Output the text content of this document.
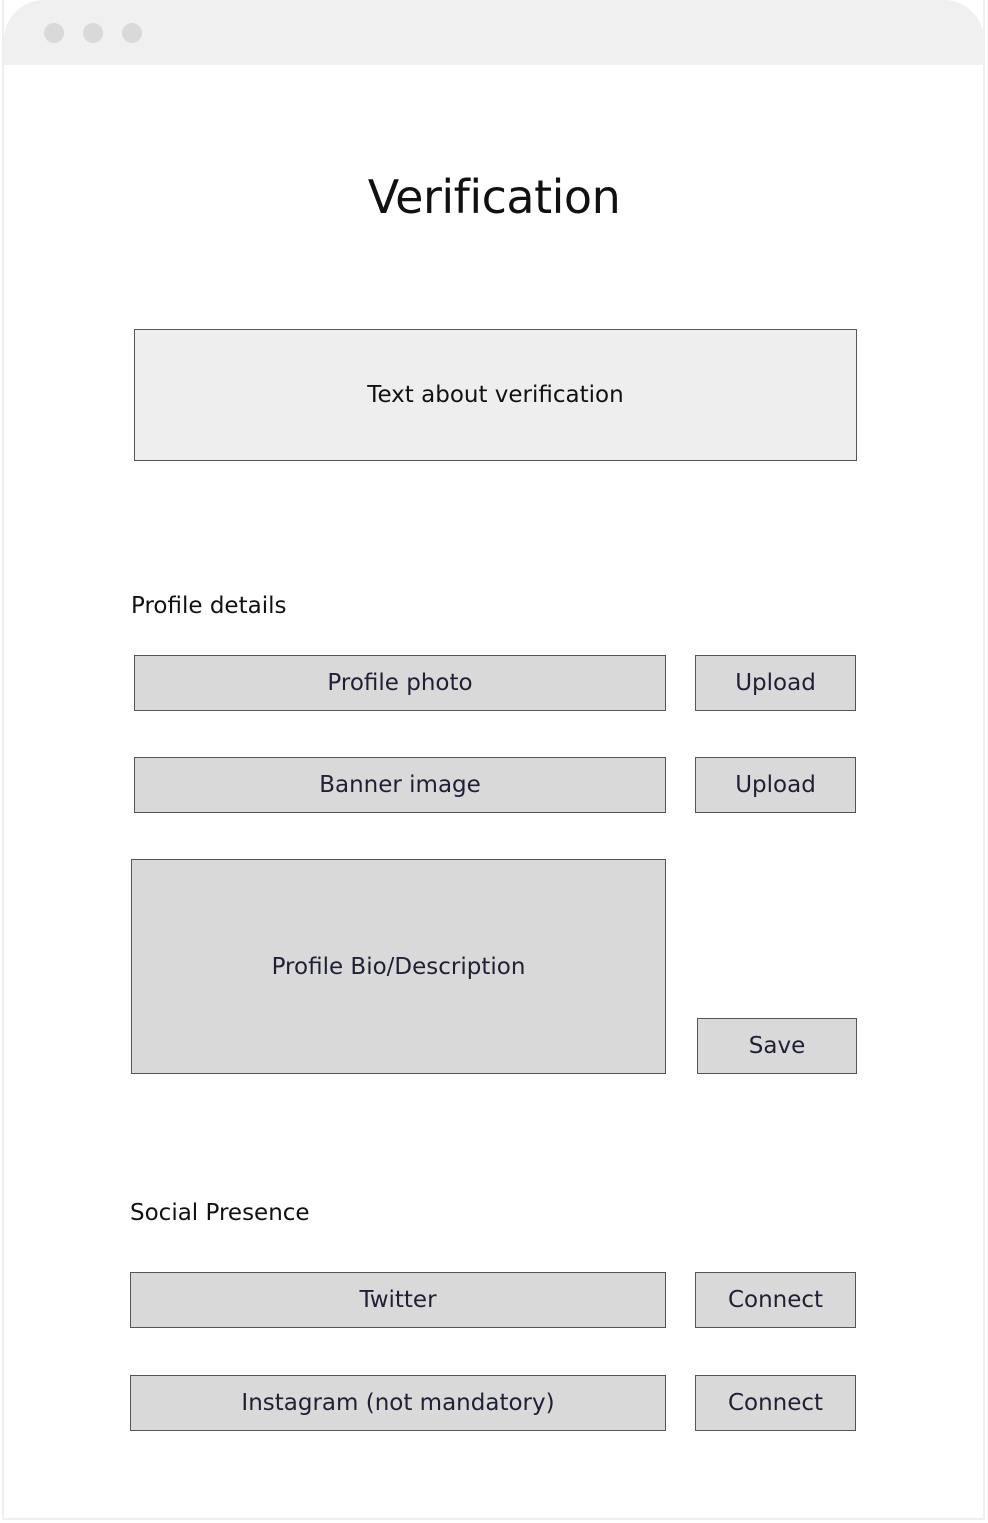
Verification
Text about verification
Profile details
Profile photo	Upload
Banner image	Upload
Profile Bio/Description
Save
Social Presence
Twitter	Connect
Instagram (not mandatory)	Connect
